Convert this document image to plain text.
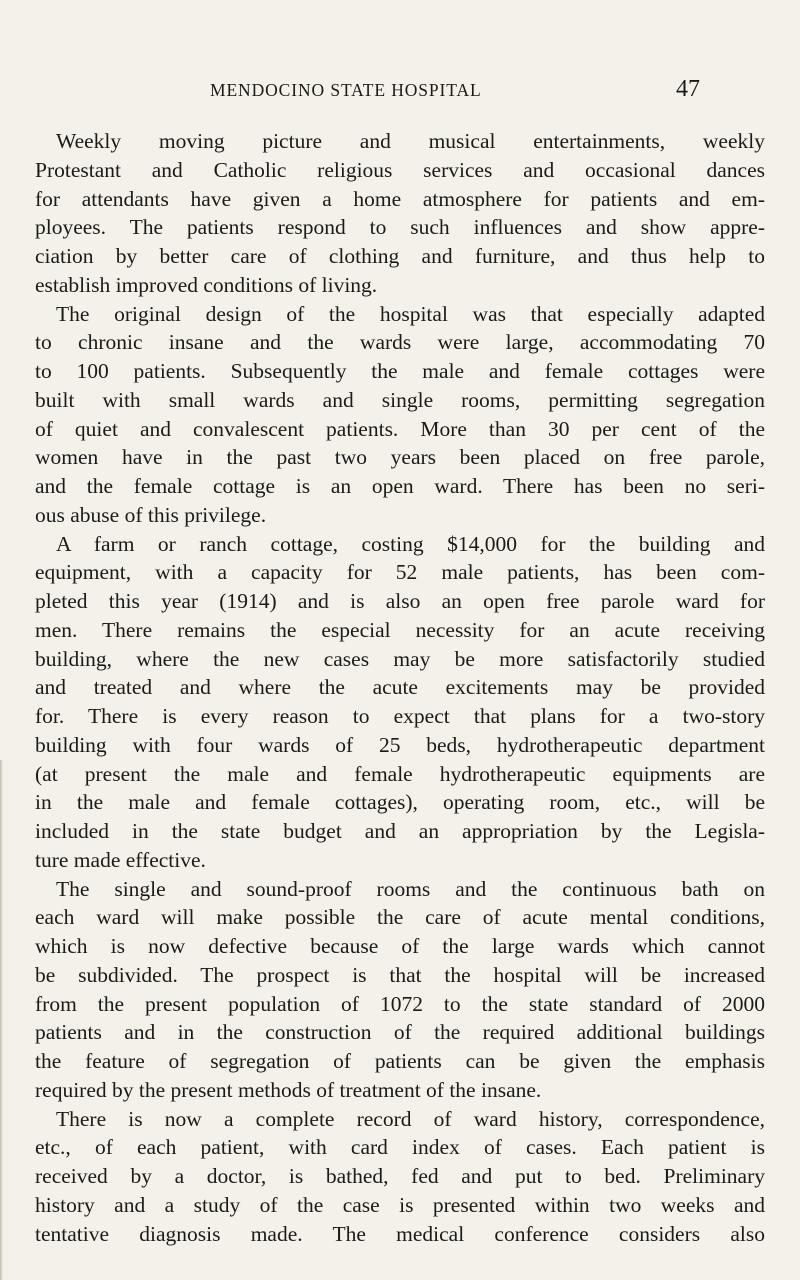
MENDOCINO STATE HOSPITAL	47
Weekly moving picture and musical entertainments, weekly
Protestant and Catholic religious services and occasional dances
for attendants have given a home atmosphere for patients and em-
ployees. The patients respond to such influences and show appre-
ciation by better care of clothing and furniture, and thus help to
establish improved conditions of living.
The original design of the hospital was that especially adapted
to chronic insane and the wards were large, accommodating 70
to 100 patients. Subsequently the male and female cottages were
built with small wards and single rooms, permitting segregation
of quiet and convalescent patients. More than 30 per cent of the
women have in the past two years been placed on free parole,
and the female cottage is an open ward. There has been no seri-
ous abuse of this privilege.
A farm or ranch cottage, costing $14,000 for the building and
equipment, with a capacity for 52 male patients, has been com-
pleted this year (1914) and is also an open free parole ward for
men. There remains the especial necessity for an acute receiving
building, where the new cases may be more satisfactorily studied
and treated and where the acute excitements may be provided
for. There is every reason to expect that plans for a two-story
building with four wards of 25 beds, hydrotherapeutic department
(at present the male and female hydrotherapeutic equipments are
in the male and female cottages), operating room, etc., will be
included in the state budget and an appropriation by the Legisla-
ture made effective.
The single and sound-proof rooms and the continuous bath on
each ward will make possible the care of acute mental conditions,
which is now defective because of the large wards which cannot
be subdivided. The prospect is that the hospital will be increased
from the present population of 1072 to the state standard of 2000
patients and in the construction of the required additional buildings
the feature of segregation of patients can be given the emphasis
required by the present methods of treatment of the insane.
There is now a complete record of ward history, correspondence,
etc., of each patient, with card index of cases. Each patient is
received by a doctor, is bathed, fed and put to bed. Preliminary
history and a study of the case is presented within two weeks and
tentative diagnosis made. The medical conference considers also
